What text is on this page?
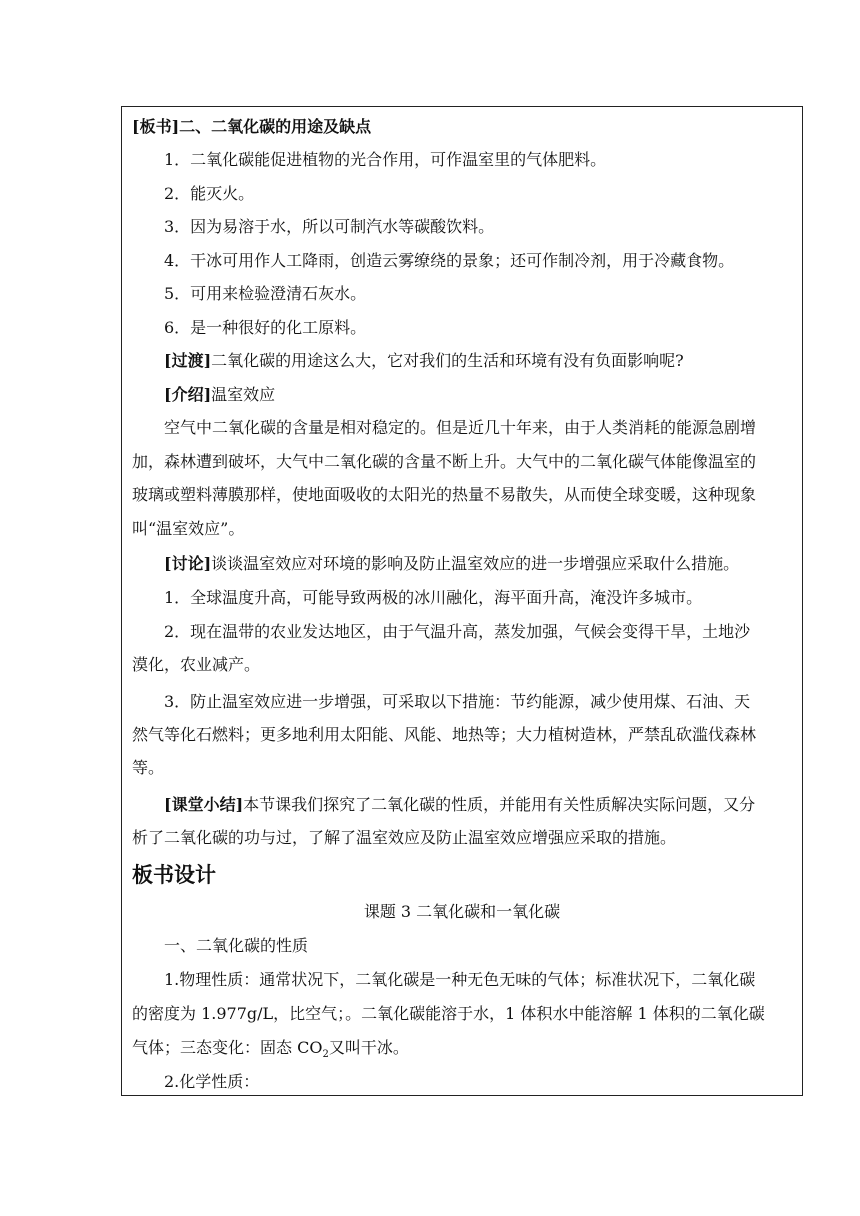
[板书]二、二氧化碳的用途及缺点
1．二氧化碳能促进植物的光合作用，可作温室里的气体肥料。
2．能灭火。
3．因为易溶于水，所以可制汽水等碳酸饮料。
4．干冰可用作人工降雨，创造云雾缭绕的景象；还可作制冷剂，用于冷藏食物。
5．可用来检验澄清石灰水。
6．是一种很好的化工原料。
[过渡]二氧化碳的用途这么大，它对我们的生活和环境有没有负面影响呢?
[介绍]温室效应
空气中二氧化碳的含量是相对稳定的。但是近几十年来，由于人类消耗的能源急剧增
加，森林遭到破坏，大气中二氧化碳的含量不断上升。大气中的二氧化碳气体能像温室的
玻璃或塑料薄膜那样，使地面吸收的太阳光的热量不易散失，从而使全球变暖，这种现象
叫“温室效应”。
[讨论]谈谈温室效应对环境的影响及防止温室效应的进一步增强应采取什么措施。
1．全球温度升高，可能导致两极的冰川融化，海平面升高，淹没许多城市。
2．现在温带的农业发达地区，由于气温升高，蒸发加强，气候会变得干旱，土地沙
漠化，农业减产。
3．防止温室效应进一步增强，可采取以下措施：节约能源，减少使用煤、石油、天
然气等化石燃料；更多地利用太阳能、风能、地热等；大力植树造林，严禁乱砍滥伐森林
等。
[课堂小结]本节课我们探究了二氧化碳的性质，并能用有关性质解决实际问题，又分
析了二氧化碳的功与过，了解了温室效应及防止温室效应增强应采取的措施。
板书设计
课题 3 二氧化碳和一氧化碳
一、二氧化碳的性质
1.物理性质：通常状况下，二氧化碳是一种无色无味的气体；标准状况下，二氧化碳
的密度为 1.977g/L，比空气；。二氧化碳能溶于水，1 体积水中能溶解 1 体积的二氧化碳
气体；三态变化：固态 $CO_2$又叫干冰。
2.化学性质：
